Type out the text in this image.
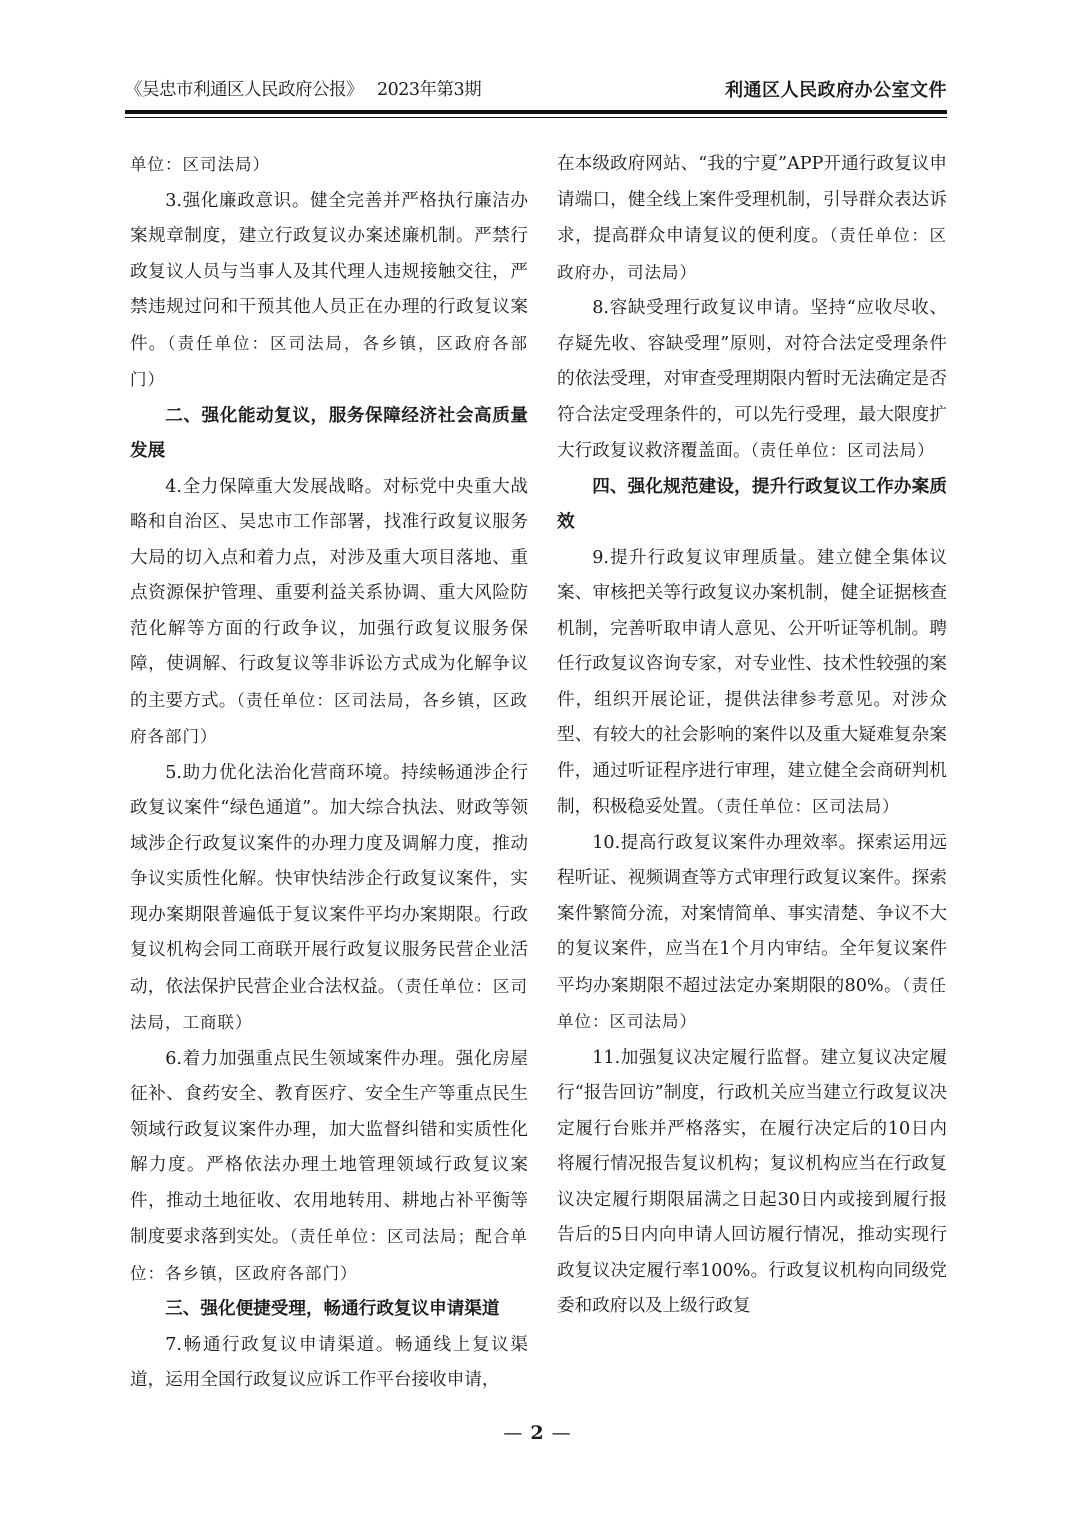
《吴忠市利通区人民政府公报》 2023年第3期	利通区人民政府办公室文件

单位：区司法局）

3.强化廉政意识。健全完善并严格执行廉洁办案规章制度，建立行政复议办案述廉机制。严禁行政复议人员与当事人及其代理人违规接触交往，严禁违规过问和干预其他人员正在办理的行政复议案件。（责任单位：区司法局，各乡镇，区政府各部门）

二、强化能动复议，服务保障经济社会高质量发展

4.全力保障重大发展战略。对标党中央重大战略和自治区、吴忠市工作部署，找准行政复议服务大局的切入点和着力点，对涉及重大项目落地、重点资源保护管理、重要利益关系协调、重大风险防范化解等方面的行政争议，加强行政复议服务保障，使调解、行政复议等非诉讼方式成为化解争议的主要方式。（责任单位：区司法局，各乡镇，区政府各部门）

5.助力优化法治化营商环境。持续畅通涉企行政复议案件“绿色通道”。加大综合执法、财政等领域涉企行政复议案件的办理力度及调解力度，推动争议实质性化解。快审快结涉企行政复议案件，实现办案期限普遍低于复议案件平均办案期限。行政复议机构会同工商联开展行政复议服务民营企业活动，依法保护民营企业合法权益。（责任单位：区司法局，工商联）

6.着力加强重点民生领域案件办理。强化房屋征补、食药安全、教育医疗、安全生产等重点民生领域行政复议案件办理，加大监督纠错和实质性化解力度。严格依法办理土地管理领域行政复议案件，推动土地征收、农用地转用、耕地占补平衡等制度要求落到实处。（责任单位：区司法局；配合单位：各乡镇，区政府各部门）

三、强化便捷受理，畅通行政复议申请渠道

7.畅通行政复议申请渠道。畅通线上复议渠道，运用全国行政复议应诉工作平台接收申请，

在本级政府网站、“我的宁夏”APP开通行政复议申请端口，健全线上案件受理机制，引导群众表达诉求，提高群众申请复议的便利度。（责任单位：区政府办，司法局）

8.容缺受理行政复议申请。坚持“应收尽收、存疑先收、容缺受理”原则，对符合法定受理条件的依法受理，对审查受理期限内暂时无法确定是否符合法定受理条件的，可以先行受理，最大限度扩大行政复议救济覆盖面。（责任单位：区司法局）

四、强化规范建设，提升行政复议工作办案质效

9.提升行政复议审理质量。建立健全集体议案、审核把关等行政复议办案机制，健全证据核查机制，完善听取申请人意见、公开听证等机制。聘任行政复议咨询专家，对专业性、技术性较强的案件，组织开展论证，提供法律参考意见。对涉众型、有较大的社会影响的案件以及重大疑难复杂案件，通过听证程序进行审理，建立健全会商研判机制，积极稳妥处置。（责任单位：区司法局）

10.提高行政复议案件办理效率。探索运用远程听证、视频调查等方式审理行政复议案件。探索案件繁简分流，对案情简单、事实清楚、争议不大的复议案件，应当在1个月内审结。全年复议案件平均办案期限不超过法定办案期限的80%。（责任单位：区司法局）

11.加强复议决定履行监督。建立复议决定履行“报告回访”制度，行政机关应当建立行政复议决定履行台账并严格落实，在履行决定后的10日内将履行情况报告复议机构；复议机构应当在行政复议决定履行期限届满之日起30日内或接到履行报告后的5日内向申请人回访履行情况，推动实现行政复议决定履行率100%。行政复议机构向同级党委和政府以及上级行政复

— 2 —
